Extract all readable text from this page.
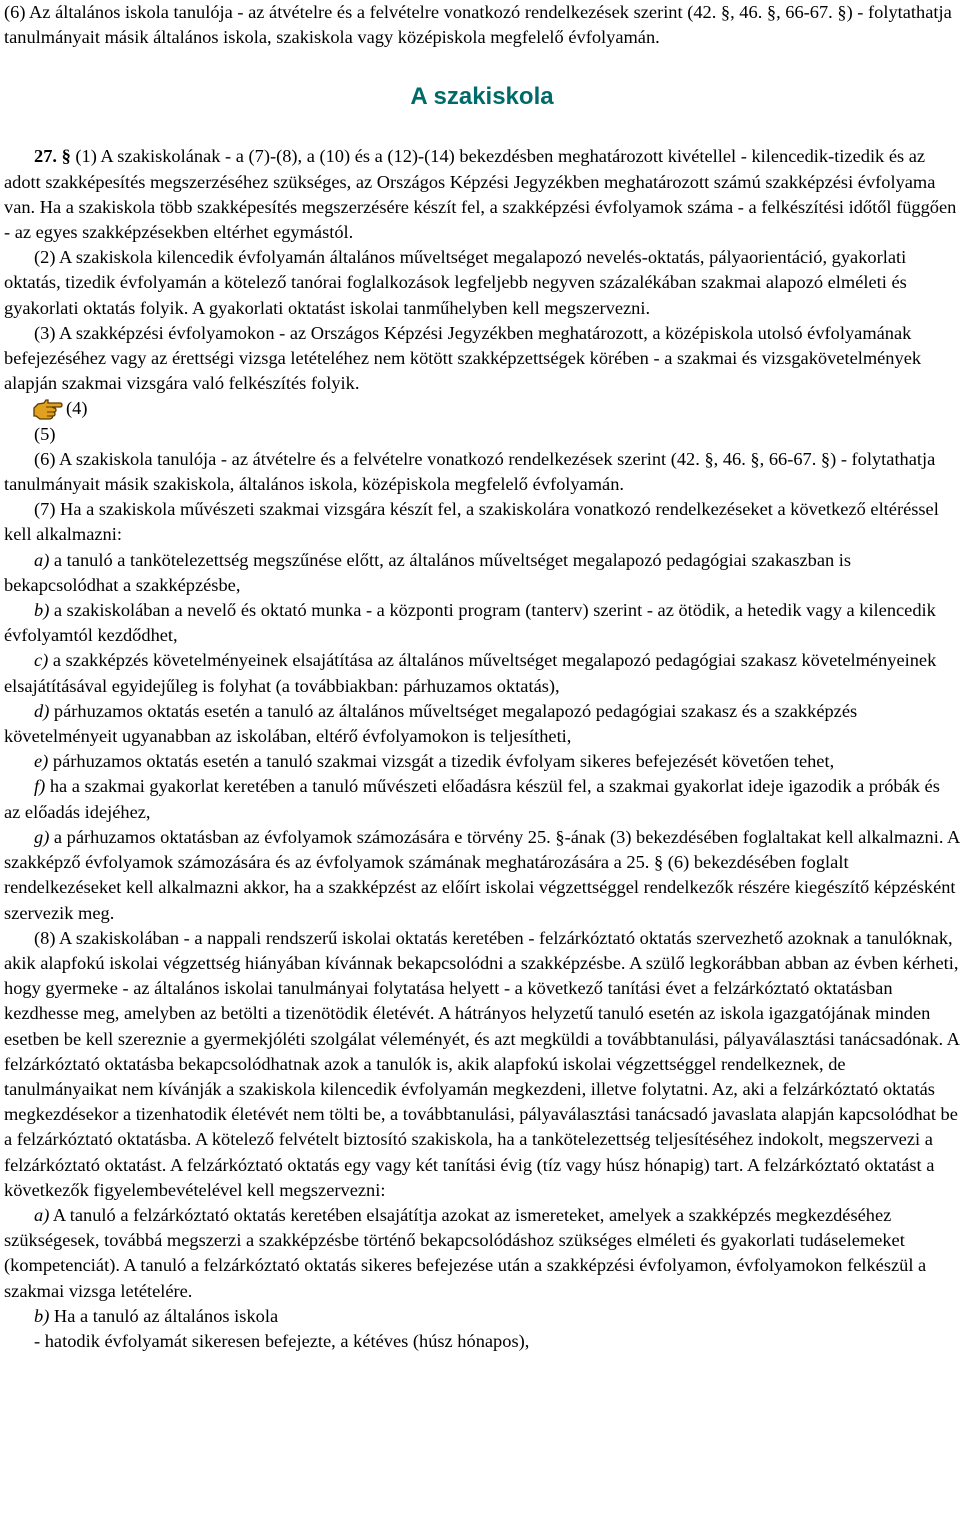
(6) Az általános iskola tanulója - az átvételre és a felvételre vonatkozó rendelkezések szerint (42. §, 46. §, 66-67. §) - folytathatja tanulmányait másik általános iskola, szakiskola vagy középiskola megfelelő évfolyamán.

A szakiskola

27. § (1) A szakiskolának - a (7)-(8), a (10) és a (12)-(14) bekezdésben meghatározott kivétellel - kilencedik-tizedik és az adott szakképesítés megszerzéséhez szükséges, az Országos Képzési Jegyzékben meghatározott számú szakképzési évfolyama van. Ha a szakiskola több szakképesítés megszerzésére készít fel, a szakképzési évfolyamok száma - a felkészítési időtől függően - az egyes szakképzésekben eltérhet egymástól.

(2) A szakiskola kilencedik évfolyamán általános műveltséget megalapozó nevelés-oktatás, pályaorientáció, gyakorlati oktatás, tizedik évfolyamán a kötelező tanórai foglalkozások legfeljebb negyven százalékában szakmai alapozó elméleti és gyakorlati oktatás folyik. A gyakorlati oktatást iskolai tanműhelyben kell megszervezni.

(3) A szakképzési évfolyamokon - az Országos Képzési Jegyzékben meghatározott, a középiskola utolsó évfolyamának befejezéséhez vagy az érettségi vizsga letételéhez nem kötött szakképzettségek körében - a szakmai és vizsgakövetelmények alapján szakmai vizsgára való felkészítés folyik.

(4)

(5)

(6) A szakiskola tanulója - az átvételre és a felvételre vonatkozó rendelkezések szerint (42. §, 46. §, 66-67. §) - folytathatja tanulmányait másik szakiskola, általános iskola, középiskola megfelelő évfolyamán.

(7) Ha a szakiskola művészeti szakmai vizsgára készít fel, a szakiskolára vonatkozó rendelkezéseket a következő eltéréssel kell alkalmazni:

a) a tanuló a tankötelezettség megszűnése előtt, az általános műveltséget megalapozó pedagógiai szakaszban is bekapcsolódhat a szakképzésbe,

b) a szakiskolában a nevelő és oktató munka - a központi program (tanterv) szerint - az ötödik, a hetedik vagy a kilencedik évfolyamtól kezdődhet,

c) a szakképzés követelményeinek elsajátítása az általános műveltséget megalapozó pedagógiai szakasz követelményeinek elsajátításával egyidejűleg is folyhat (a továbbiakban: párhuzamos oktatás),

d) párhuzamos oktatás esetén a tanuló az általános műveltséget megalapozó pedagógiai szakasz és a szakképzés követelményeit ugyanabban az iskolában, eltérő évfolyamokon is teljesítheti,

e) párhuzamos oktatás esetén a tanuló szakmai vizsgát a tizedik évfolyam sikeres befejezését követően tehet,

f) ha a szakmai gyakorlat keretében a tanuló művészeti előadásra készül fel, a szakmai gyakorlat ideje igazodik a próbák és az előadás idejéhez,

g) a párhuzamos oktatásban az évfolyamok számozására e törvény 25. §-ának (3) bekezdésében foglaltakat kell alkalmazni. A szakképző évfolyamok számozására és az évfolyamok számának meghatározására a 25. § (6) bekezdésében foglalt rendelkezéseket kell alkalmazni akkor, ha a szakképzést az előírt iskolai végzettséggel rendelkezők részére kiegészítő képzésként szervezik meg.

(8) A szakiskolában - a nappali rendszerű iskolai oktatás keretében - felzárkóztató oktatás szervezhető azoknak a tanulóknak, akik alapfokú iskolai végzettség hiányában kívánnak bekapcsolódni a szakképzésbe. A szülő legkorábban abban az évben kérheti, hogy gyermeke - az általános iskolai tanulmányai folytatása helyett - a következő tanítási évet a felzárkóztató oktatásban kezdhesse meg, amelyben az betölti a tizenötödik életévét. A hátrányos helyzetű tanuló esetén az iskola igazgatójának minden esetben be kell szereznie a gyermekjóléti szolgálat véleményét, és azt megküldi a továbbtanulási, pályaválasztási tanácsadónak. A felzárkóztató oktatásba bekapcsolódhatnak azok a tanulók is, akik alapfokú iskolai végzettséggel rendelkeznek, de tanulmányaikat nem kívánják a szakiskola kilencedik évfolyamán megkezdeni, illetve folytatni. Az, aki a felzárkóztató oktatás megkezdésekor a tizenhatodik életévét nem tölti be, a továbbtanulási, pályaválasztási tanácsadó javaslata alapján kapcsolódhat be a felzárkóztató oktatásba. A kötelező felvételt biztosító szakiskola, ha a tankötelezettség teljesítéséhez indokolt, megszervezi a felzárkóztató oktatást. A felzárkóztató oktatás egy vagy két tanítási évig (tíz vagy húsz hónapig) tart. A felzárkóztató oktatást a következők figyelembevételével kell megszervezni:

a) A tanuló a felzárkóztató oktatás keretében elsajátítja azokat az ismereteket, amelyek a szakképzés megkezdéséhez szükségesek, továbbá megszerzi a szakképzésbe történő bekapcsolódáshoz szükséges elméleti és gyakorlati tudáselemeket (kompetenciát). A tanuló a felzárkóztató oktatás sikeres befejezése után a szakképzési évfolyamon, évfolyamokon felkészül a szakmai vizsga letételére.

b) Ha a tanuló az általános iskola

- hatodik évfolyamát sikeresen befejezte, a kétéves (húsz hónapos),
